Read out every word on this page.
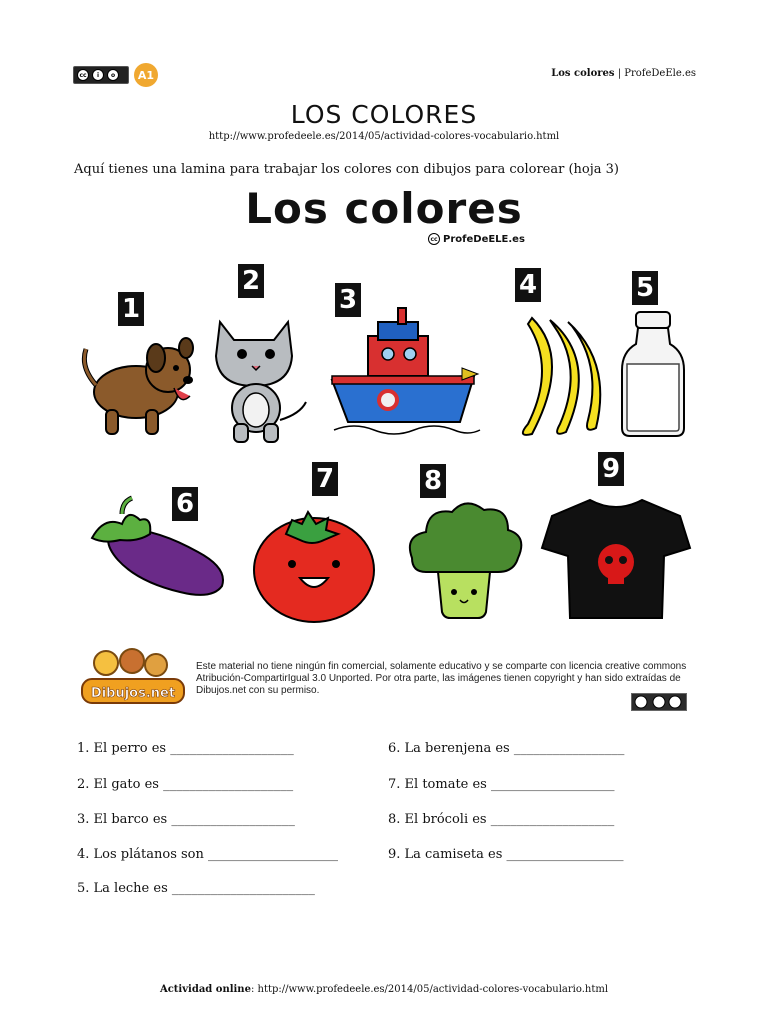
cc	i	o	A1	Los colores | ProfeDeEle.es
LOS COLORES
http://www.profedeele.es/2014/05/actividad-colores-vocabulario.html
Aquí tienes una lamina para trabajar los colores con dibujos para colorear (hoja 3)
Los colores
cc ProfeDeELE.es
1
2
3	4	5
6
7	8	9
Dibujos.net
Este material no tiene ningún fin comercial, solamente educativo y se comparte con licencia creative commons Atribución-CompartirIgual 3.0 Unported. Por otra parte, las imágenes tienen copyright y han sido extraídas de Dibujos.net con su permiso.
1. El perro es ___________________
2. El gato es ____________________
3. El barco es ___________________
4. Los plátanos son ____________________
5. La leche es ______________________
6. La berenjena es _________________
7. El tomate es ___________________
8. El brócoli es ___________________
9. La camiseta es __________________
Actividad online: http://www.profedeele.es/2014/05/actividad-colores-vocabulario.html
